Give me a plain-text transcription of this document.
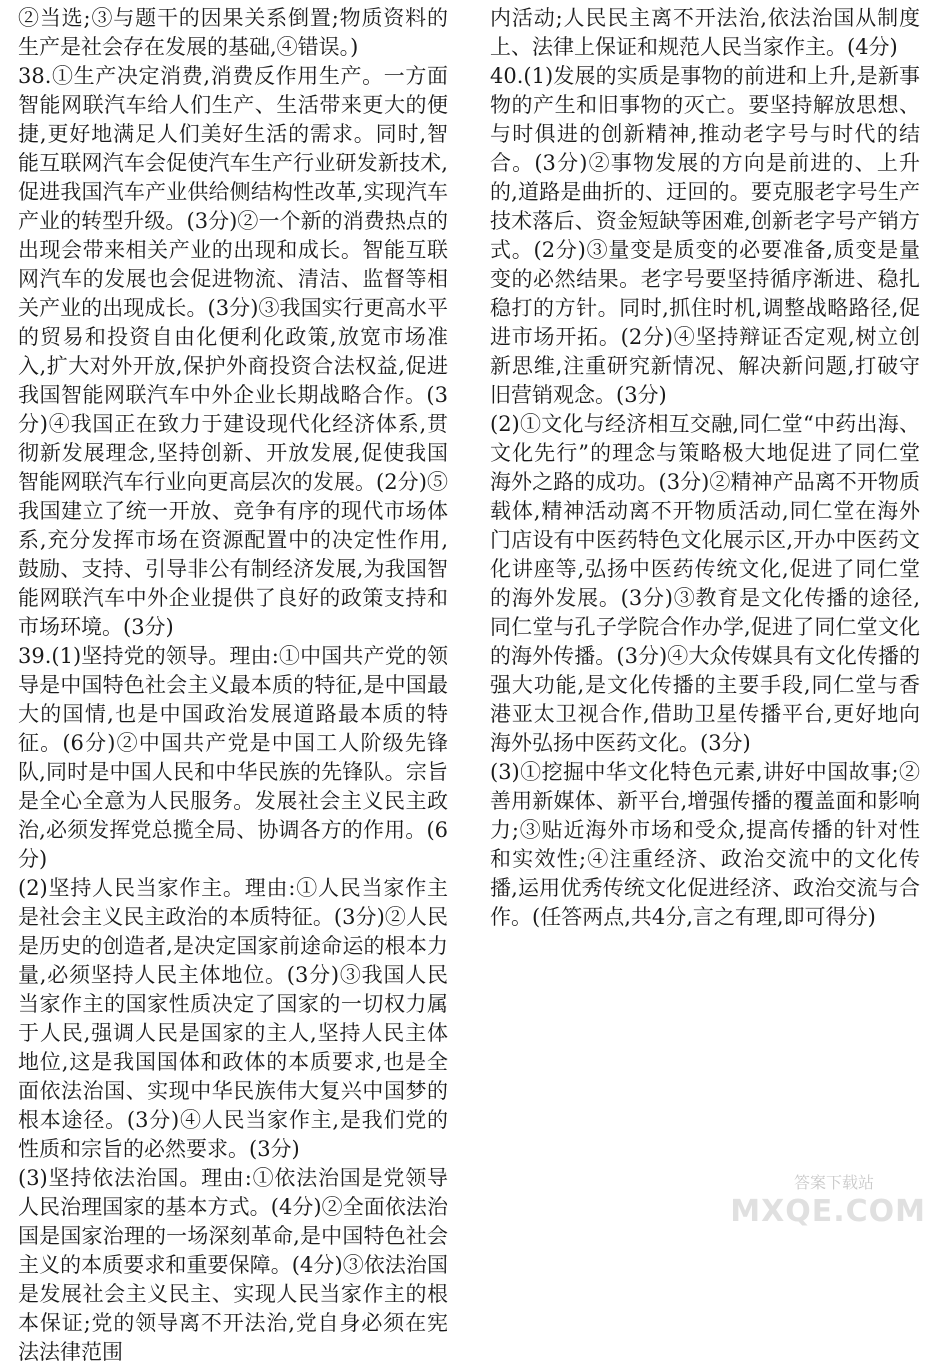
②当选;③与题干的因果关系倒置;物质资料的生产是社会存在发展的基础,④错误。)

38.①生产决定消费,消费反作用生产。一方面智能网联汽车给人们生产、生活带来更大的便捷,更好地满足人们美好生活的需求。同时,智能互联网汽车会促使汽车生产行业研发新技术,促进我国汽车产业供给侧结构性改革,实现汽车产业的转型升级。(3分)②一个新的消费热点的出现会带来相关产业的出现和成长。智能互联网汽车的发展也会促进物流、清洁、监督等相关产业的出现成长。(3分)③我国实行更高水平的贸易和投资自由化便利化政策,放宽市场准入,扩大对外开放,保护外商投资合法权益,促进我国智能网联汽车中外企业长期战略合作。(3分)④我国正在致力于建设现代化经济体系,贯彻新发展理念,坚持创新、开放发展,促使我国智能网联汽车行业向更高层次的发展。(2分)⑤我国建立了统一开放、竞争有序的现代市场体系,充分发挥市场在资源配置中的决定性作用,鼓励、支持、引导非公有制经济发展,为我国智能网联汽车中外企业提供了良好的政策支持和市场环境。(3分)

39.(1)坚持党的领导。理由:①中国共产党的领导是中国特色社会主义最本质的特征,是中国最大的国情,也是中国政治发展道路最本质的特征。(6分)②中国共产党是中国工人阶级先锋队,同时是中国人民和中华民族的先锋队。宗旨是全心全意为人民服务。发展社会主义民主政治,必须发挥党总揽全局、协调各方的作用。(6分)

(2)坚持人民当家作主。理由:①人民当家作主是社会主义民主政治的本质特征。(3分)②人民是历史的创造者,是决定国家前途命运的根本力量,必须坚持人民主体地位。(3分)③我国人民当家作主的国家性质决定了国家的一切权力属于人民,强调人民是国家的主人,坚持人民主体地位,这是我国国体和政体的本质要求,也是全面依法治国、实现中华民族伟大复兴中国梦的根本途径。(3分)④人民当家作主,是我们党的性质和宗旨的必然要求。(3分)

(3)坚持依法治国。理由:①依法治国是党领导人民治理国家的基本方式。(4分)②全面依法治国是国家治理的一场深刻革命,是中国特色社会主义的本质要求和重要保障。(4分)③依法治国是发展社会主义民主、实现人民当家作主的根本保证;党的领导离不开法治,党自身必须在宪法法律范围

内活动;人民民主离不开法治,依法治国从制度上、法律上保证和规范人民当家作主。(4分)

40.(1)发展的实质是事物的前进和上升,是新事物的产生和旧事物的灭亡。要坚持解放思想、与时俱进的创新精神,推动老字号与时代的结合。(3分)②事物发展的方向是前进的、上升的,道路是曲折的、迂回的。要克服老字号生产技术落后、资金短缺等困难,创新老字号产销方式。(2分)③量变是质变的必要准备,质变是量变的必然结果。老字号要坚持循序渐进、稳扎稳打的方针。同时,抓住时机,调整战略路径,促进市场开拓。(2分)④坚持辩证否定观,树立创新思维,注重研究新情况、解决新问题,打破守旧营销观念。(3分)

(2)①文化与经济相互交融,同仁堂“中药出海、文化先行”的理念与策略极大地促进了同仁堂海外之路的成功。(3分)②精神产品离不开物质载体,精神活动离不开物质活动,同仁堂在海外门店设有中医药特色文化展示区,开办中医药文化讲座等,弘扬中医药传统文化,促进了同仁堂的海外发展。(3分)③教育是文化传播的途径,同仁堂与孔子学院合作办学,促进了同仁堂文化的海外传播。(3分)④大众传媒具有文化传播的强大功能,是文化传播的主要手段,同仁堂与香港亚太卫视合作,借助卫星传播平台,更好地向海外弘扬中医药文化。(3分)

(3)①挖掘中华文化特色元素,讲好中国故事;②善用新媒体、新平台,增强传播的覆盖面和影响力;③贴近海外市场和受众,提高传播的针对性和实效性;④注重经济、政治交流中的文化传播,运用优秀传统文化促进经济、政治交流与合作。(任答两点,共4分,言之有理,即可得分)

答案下载站
MXQE.COM
